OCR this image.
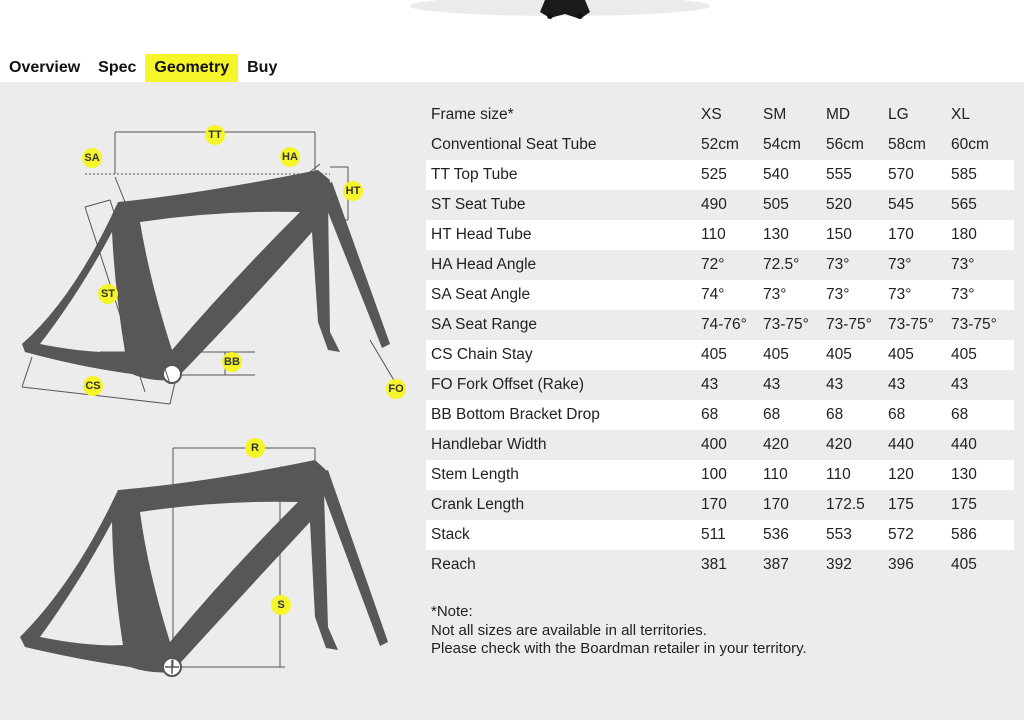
Overview	Spec	Geometry	Buy
TT
SA	HA
HT
ST
BB
CS	FO
R
S
Frame size*	XS	SM	MD	LG	XL
Conventional Seat Tube	52cm	54cm	56cm	58cm	60cm
TT Top Tube	525	540	555	570	585
ST Seat Tube	490	505	520	545	565
HT Head Tube	110	130	150	170	180
HA Head Angle	72°	72.5°	73°	73°	73°
SA Seat Angle	74°	73°	73°	73°	73°
SA Seat Range	74-76°	73-75°	73-75°	73-75°	73-75°
CS Chain Stay	405	405	405	405	405
FO Fork Offset (Rake)	43	43	43	43	43
BB Bottom Bracket Drop	68	68	68	68	68
Handlebar Width	400	420	420	440	440
Stem Length	100	110	110	120	130
Crank Length	170	170	172.5	175	175
Stack	511	536	553	572	586
Reach	381	387	392	396	405
*Note:
Not all sizes are available in all territories.
Please check with the Boardman retailer in your territory.
